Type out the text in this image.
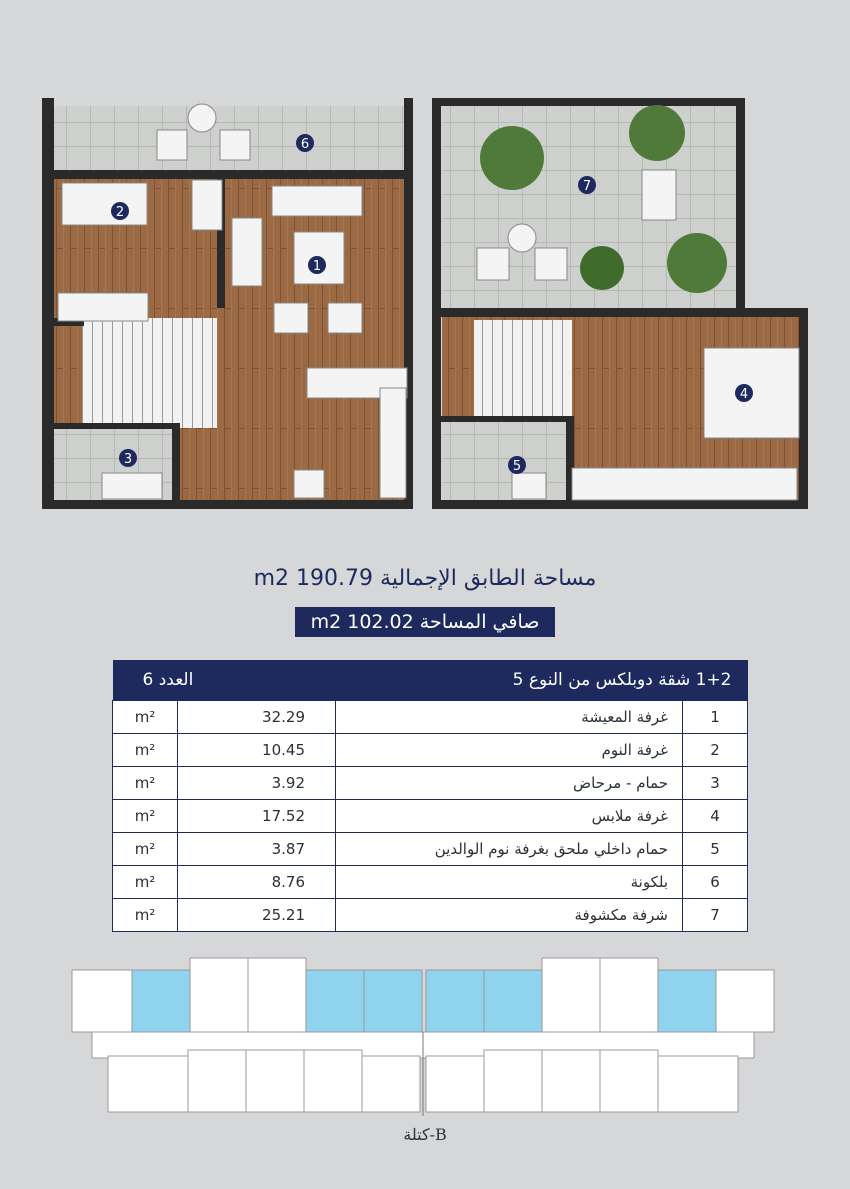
1
2
3
4
5
6
7
مساحة الطابق الإجمالية 190.79 m2
صافي المساحة 102.02 m2
العدد 6		1+2 شقة دوبلكس من النوع 5	
m²	32.29	غرفة المعيشة	1
m²	10.45	غرفة النوم	2
m²	3.92	حمام - مرحاض	3
m²	17.52	غرفة ملابس	4
m²	3.87	حمام داخلي ملحق بغرفة نوم الوالدين	5
m²	8.76	بلكونة	6
m²	25.21	شرفة مكشوفة	7
B-كتلة
